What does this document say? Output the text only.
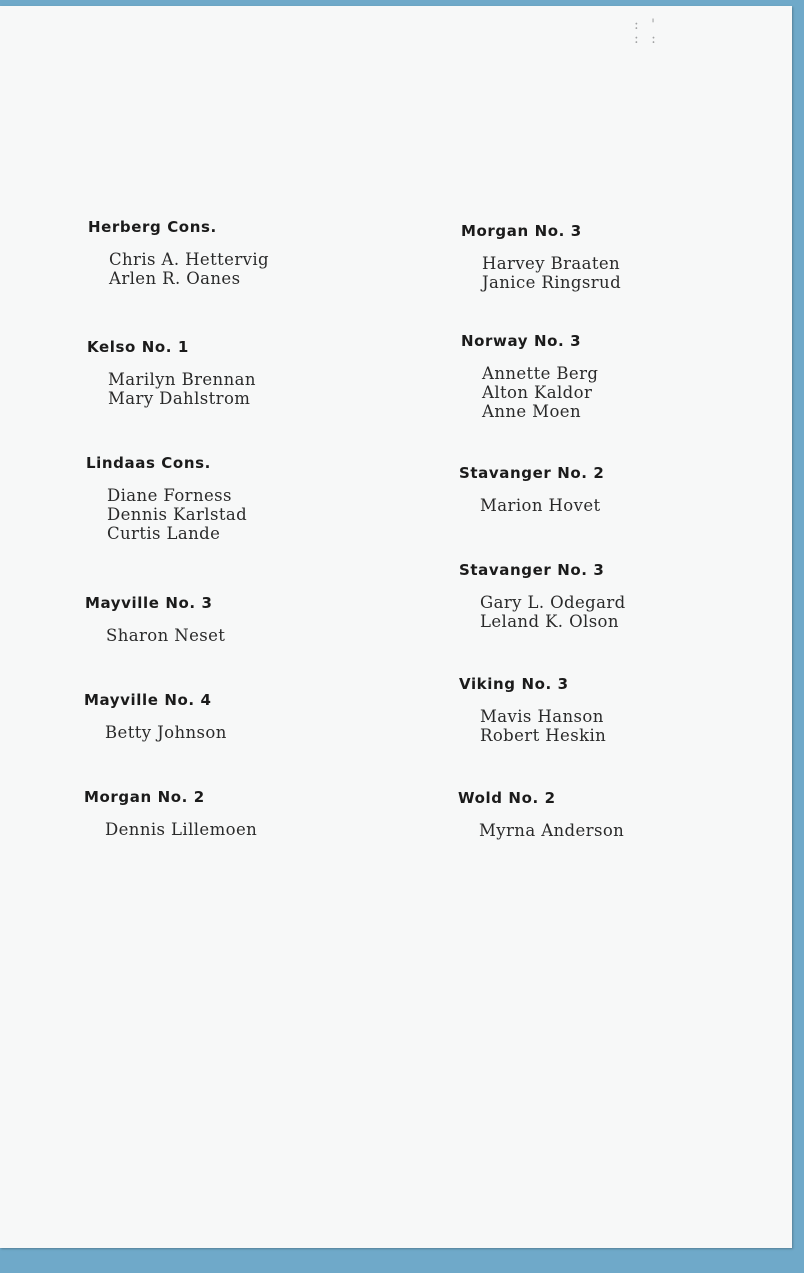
: '
: :
Herberg Cons.
Chris A. Hettervig
Arlen R. Oanes
Kelso No. 1
Marilyn Brennan
Mary Dahlstrom
Lindaas Cons.
Diane Forness
Dennis Karlstad
Curtis Lande
Mayville No. 3
Sharon Neset
Mayville No. 4
Betty Johnson
Morgan No. 2
Dennis Lillemoen
Morgan No. 3
Harvey Braaten
Janice Ringsrud
Norway No. 3
Annette Berg
Alton Kaldor
Anne Moen
Stavanger No. 2
Marion Hovet
Stavanger No. 3
Gary L. Odegard
Leland K. Olson
Viking No. 3
Mavis Hanson
Robert Heskin
Wold No. 2
Myrna Anderson
